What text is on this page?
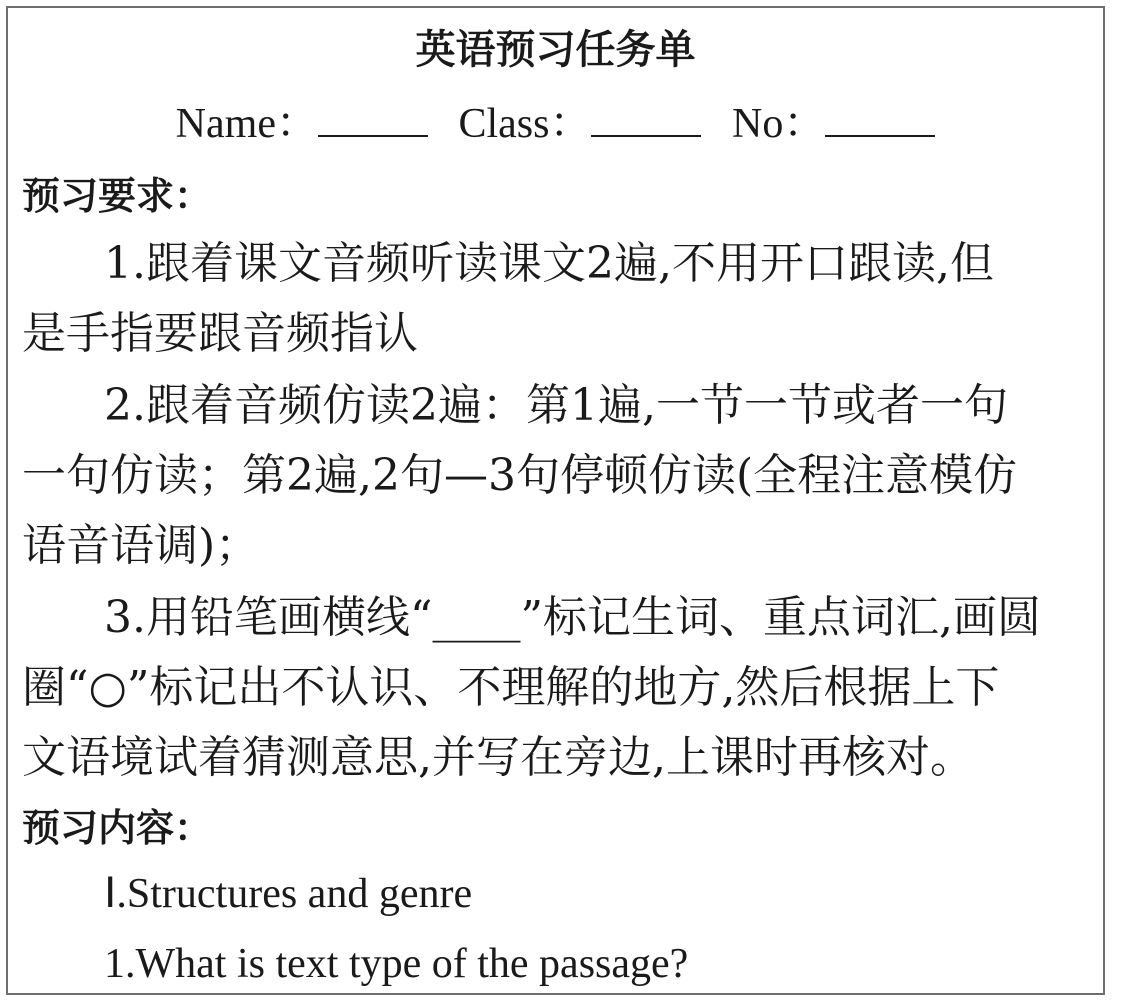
英语预习任务单
Name：	Class：	No：
预习要求：
1.跟着课文音频听读课文2遍,不用开口跟读,但
是手指要跟音频指认
2.跟着音频仿读2遍：第1遍,一节一节或者一句
一句仿读；第2遍,2句—3句停顿仿读(全程注意模仿
语音语调)；
3.用铅笔画横线“____”标记生词、重点词汇,画圆
圈“○”标记出不认识、不理解的地方,然后根据上下
文语境试着猜测意思,并写在旁边,上课时再核对。
预习内容：
Ⅰ.Structures and genre
1.What is text type of the passage?
